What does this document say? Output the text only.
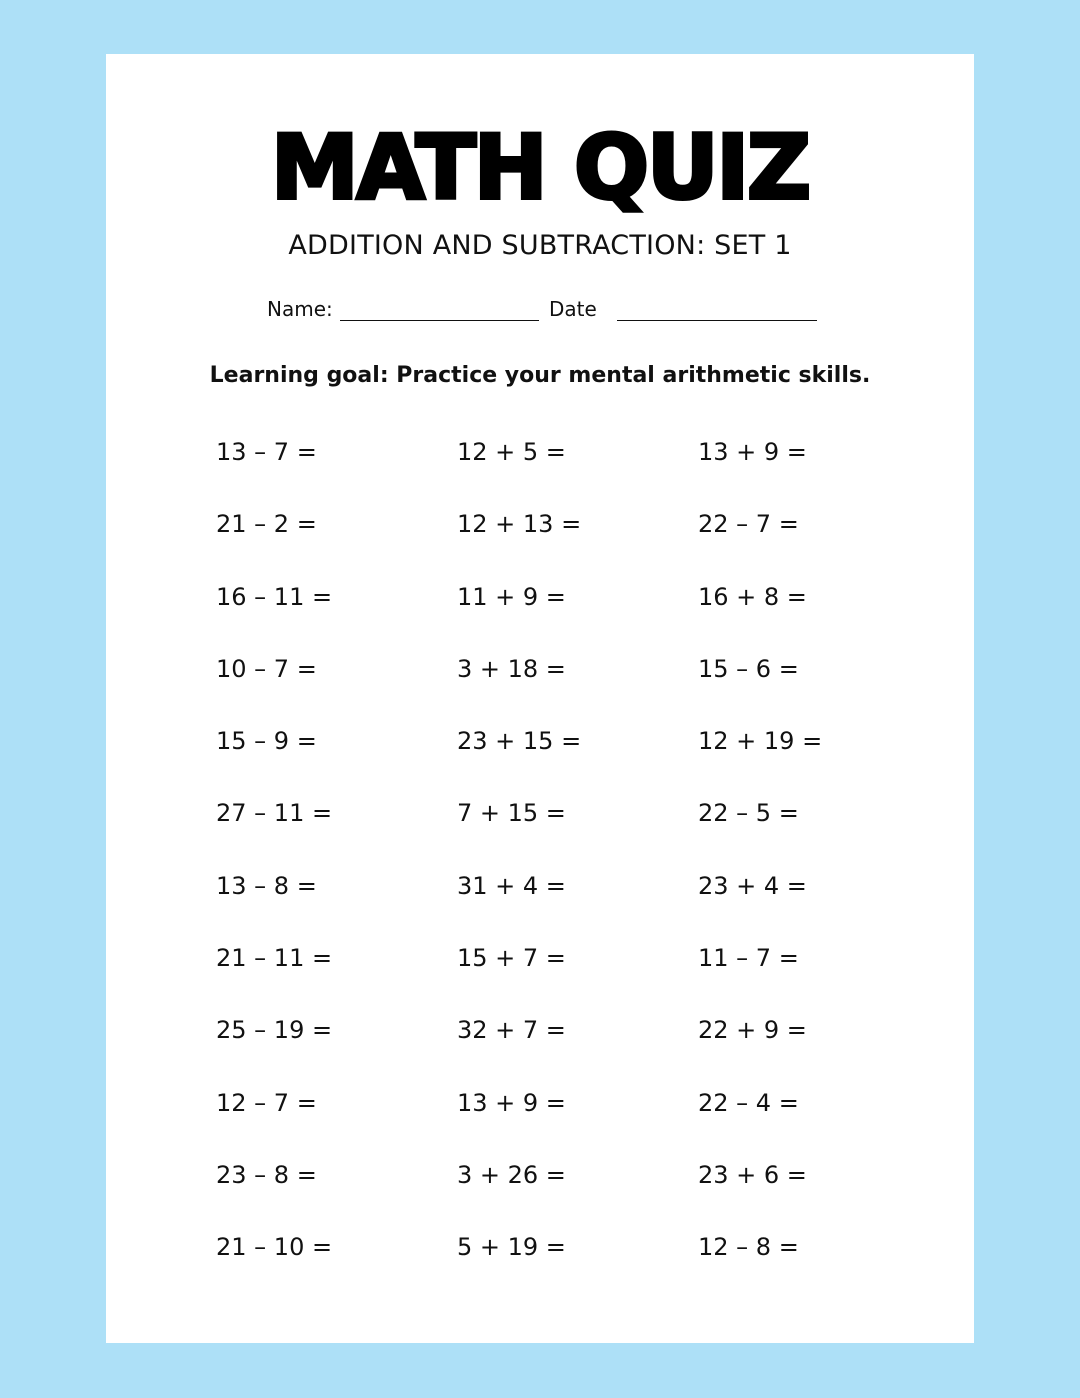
MATH QUIZ
ADDITION AND SUBTRACTION: SET 1
Name:	Date
Learning goal: Practice your mental arithmetic skills.
13 – 7 =	12 + 5 =	13 + 9 =
21 – 2 =	12 + 13 =	22 – 7 =
16 – 11 =	11 + 9 =	16 + 8 =
10 – 7 =	3 + 18 =	15 – 6 =
15 – 9 =	23 + 15 =	12 + 19 =
27 – 11 =	7 + 15 =	22 – 5 =
13 – 8 =	31 + 4 =	23 + 4 =
21 – 11 =	15 + 7 =	11 – 7 =
25 – 19 =	32 + 7 =	22 + 9 =
12 – 7 =	13 + 9 =	22 – 4 =
23 – 8 =	3 + 26 =	23 + 6 =
21 – 10 =	5 + 19 =	12 – 8 =
